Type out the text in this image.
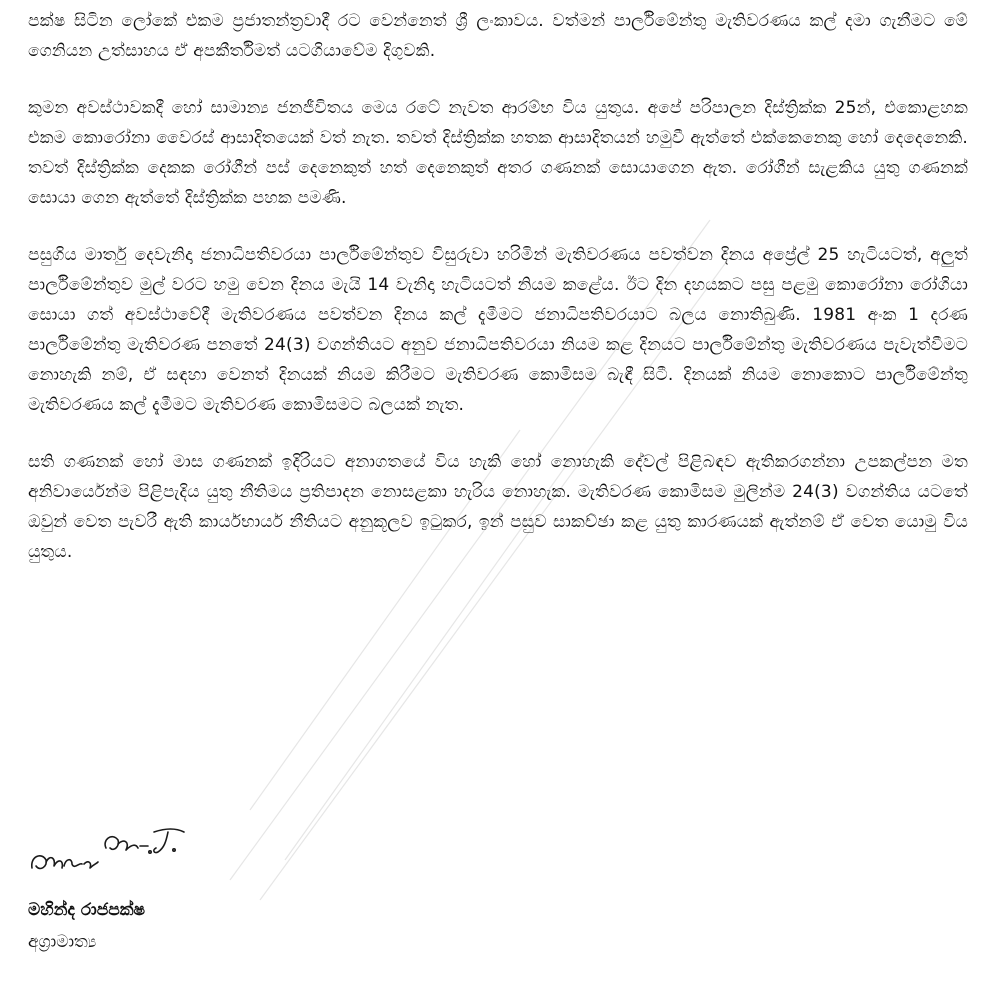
පක්ෂ සිටින ලෝකේ එකම ප්‍රජාතන්ත්‍රවාදී රට වෙන්නෙත් ශ්‍රී ලංකාවය. වත්මන් පාර්ලිමේන්තු මැතිවරණය කල් දමා ගැනීමට මේ ගෙනියන උත්සාහය ඒ අපකීර්තිමත් යටගියාවේම දිගුවකි.

කුමන අවස්ථාවකදී හෝ සාමාන්‍ය ජනජීවිතය මෙය රටේ නැවත ආරම්භ විය යුතුය. අපේ පරිපාලන දිස්ත්‍රික්ක 25න්, එකොළහක එකම කොරෝනා වෛරස් ආසාදිතයෙක් වත් නැත. තවත් දිස්ත්‍රික්ක හතක ආසාදිතයන් හමුවී ඇත්තේ එක්කෙනෙකු හෝ දෙදෙනෙකි. තවත් දිස්ත්‍රික්ක දෙකක රෝගීන් පස් දෙනෙකුත් හත් දෙනෙකුත් අතර ගණනක් සොයාගෙන ඇත. රෝගීන් සැළකිය යුතු ගණනක් සොයා ගෙන ඇත්තේ දිස්ත්‍රික්ක පහක පමණි.

පසුගිය මාර්තු දෙවැනිදා ජනාධිපතිවරයා පාර්ලිමේන්තුව විසුරුවා හරිමින් මැතිවරණය පවත්වන දිනය අප්‍රේල් 25 හැටියටත්, අලුත් පාර්ලිමේන්තුව මුල් වරට හමු වෙන දිනය මැයි 14 වැනිදා හැටියටත් නියම කළේය. ඊට දින දහයකට පසු පළමු කොරෝනා රෝගියා සොයා ගත් අවස්ථාවේදී මැතිවරණය පවත්වන දිනය කල් දැමීමට ජනාධිපතිවරයාට බලය නොතිබුණි. 1981 අංක 1 දරණ පාර්ලිමේන්තු මැතිවරණ පනතේ 24(3) වගන්තියට අනුව ජනාධිපතිවරයා නියම කළ දිනයට පාර්ලිමේන්තු මැතිවරණය පැවැත්වීමට නොහැකි නම්, ඒ සඳහා වෙනත් දිනයක් නියම කිරීමට මැතිවරණ කොමිසම බැඳී සිටී. දිනයක් නියම නොකොට පාර්ලිමේන්තු මැතිවරණය කල් දැමීමට මැතිවරණ කොමිසමට බලයක් නැත.

සති ගණනක් හෝ මාස ගණනක් ඉදිරියට අනාගතයේ විය හැකි හෝ නොහැකි දේවල් පිළිබඳව ඇතිකරගන්නා උපකල්පන මත අනිවාර්යෙන්ම පිළිපැදිය යුතු නීතිමය ප්‍රතිපාදන නොසළකා හැරිය නොහැක. මැතිවරණ කොමිසම මුලින්ම 24(3) වගන්තිය යටතේ ඔවුන් වෙත පැවරී ඇති කාර්යභාර්ය නීතියට අනුකූලව ඉටුකර, ඉන් පසුව සාකච්ඡා කළ යුතු කාරණයක් ඇත්නම් ඒ වෙත යොමු විය යුතුය.

මහින්ද රාජපක්ෂ
අග්‍රාමාත්‍ය
